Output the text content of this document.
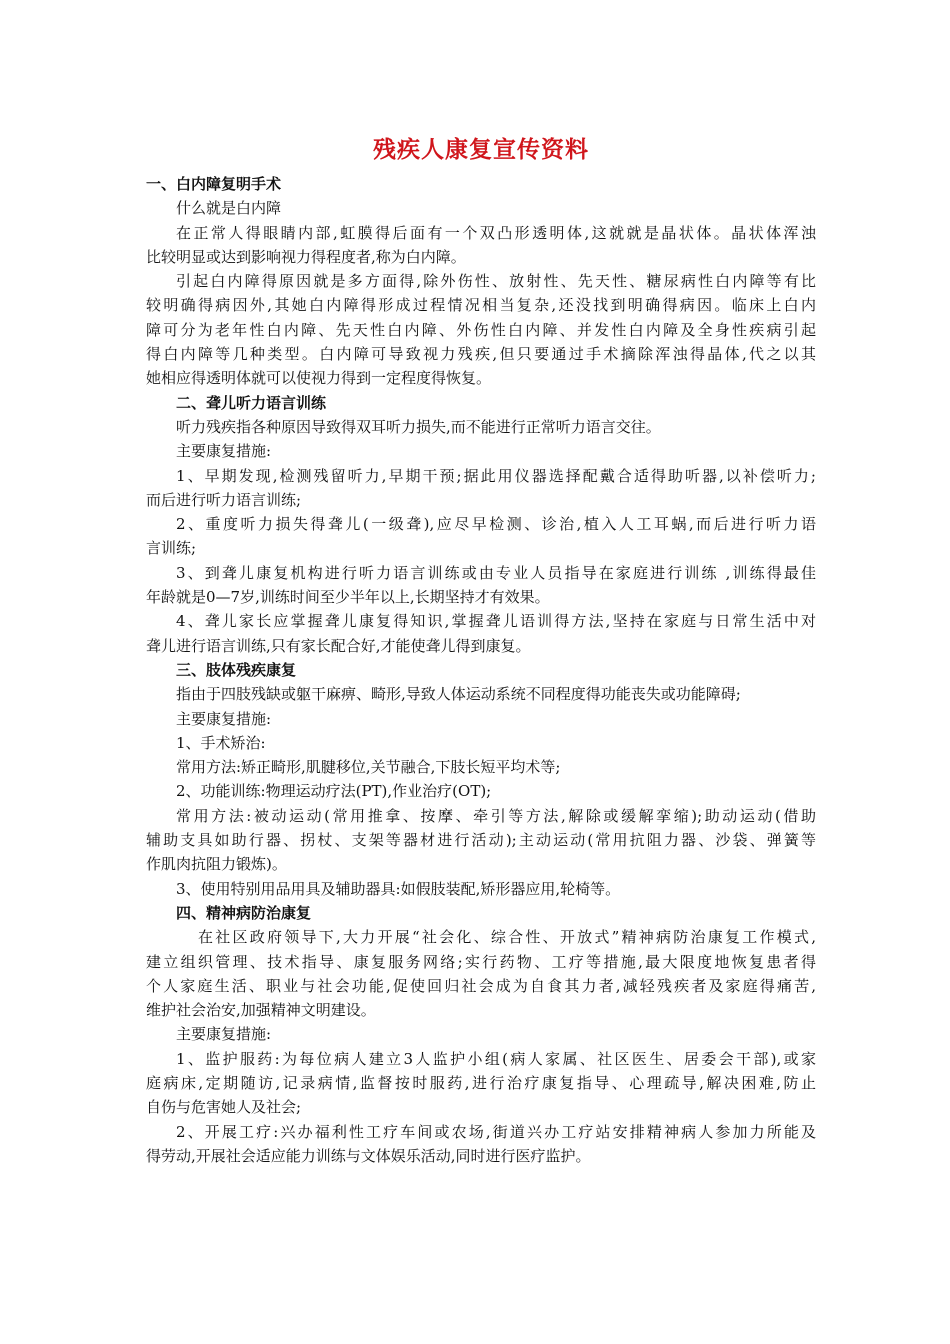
残疾人康复宣传资料
一、白内障复明手术
什么就是白内障
在正常人得眼睛内部,虹膜得后面有一个双凸形透明体,这就就是晶状体。晶状体浑浊
比较明显或达到影响视力得程度者,称为白内障。
引起白内障得原因就是多方面得,除外伤性、放射性、先天性、糖尿病性白内障等有比
较明确得病因外,其她白内障得形成过程情况相当复杂,还没找到明确得病因。临床上白内
障可分为老年性白内障、先天性白内障、外伤性白内障、并发性白内障及全身性疾病引起
得白内障等几种类型。白内障可导致视力残疾,但只要通过手术摘除浑浊得晶体,代之以其
她相应得透明体就可以使视力得到一定程度得恢复。
二、聋儿听力语言训练
听力残疾指各种原因导致得双耳听力损失,而不能进行正常听力语言交往。
主要康复措施:
1、早期发现,检测残留听力,早期干预;据此用仪器选择配戴合适得助听器,以补偿听力;
而后进行听力语言训练;
2、重度听力损失得聋儿(一级聋),应尽早检测、诊治,植入人工耳蜗,而后进行听力语
言训练;
3、到聋儿康复机构进行听力语言训练或由专业人员指导在家庭进行训练 ,训练得最佳
年龄就是0—7岁,训练时间至少半年以上,长期坚持才有效果。
4、聋儿家长应掌握聋儿康复得知识,掌握聋儿语训得方法,坚持在家庭与日常生活中对
聋儿进行语言训练,只有家长配合好,才能使聋儿得到康复。
三、肢体残疾康复
指由于四肢残缺或躯干麻痹、畸形,导致人体运动系统不同程度得功能丧失或功能障碍;
主要康复措施:
1、手术矫治:
常用方法:矫正畸形,肌腱移位,关节融合,下肢长短平均术等;
2、功能训练:物理运动疗法(PT),作业治疗(OT);
常用方法:被动运动(常用推拿、按摩、牵引等方法,解除或缓解挛缩);助动运动(借助
辅助支具如助行器、拐杖、支架等器材进行活动);主动运动(常用抗阻力器、沙袋、弹簧等
作肌肉抗阻力锻炼)。
3、使用特别用品用具及辅助器具:如假肢装配,矫形器应用,轮椅等。
四、精神病防治康复
在社区政府领导下,大力开展“社会化、综合性、开放式”精神病防治康复工作模式,
建立组织管理、技术指导、康复服务网络;实行药物、工疗等措施,最大限度地恢复患者得
个人家庭生活、职业与社会功能,促使回归社会成为自食其力者,减轻残疾者及家庭得痛苦,
维护社会治安,加强精神文明建设。
主要康复措施:
1、监护服药:为每位病人建立3人监护小组(病人家属、社区医生、居委会干部),或家
庭病床,定期随访,记录病情,监督按时服药,进行治疗康复指导、心理疏导,解决困难,防止
自伤与危害她人及社会;
2、开展工疗:兴办福利性工疗车间或农场,街道兴办工疗站安排精神病人参加力所能及
得劳动,开展社会适应能力训练与文体娱乐活动,同时进行医疗监护。
